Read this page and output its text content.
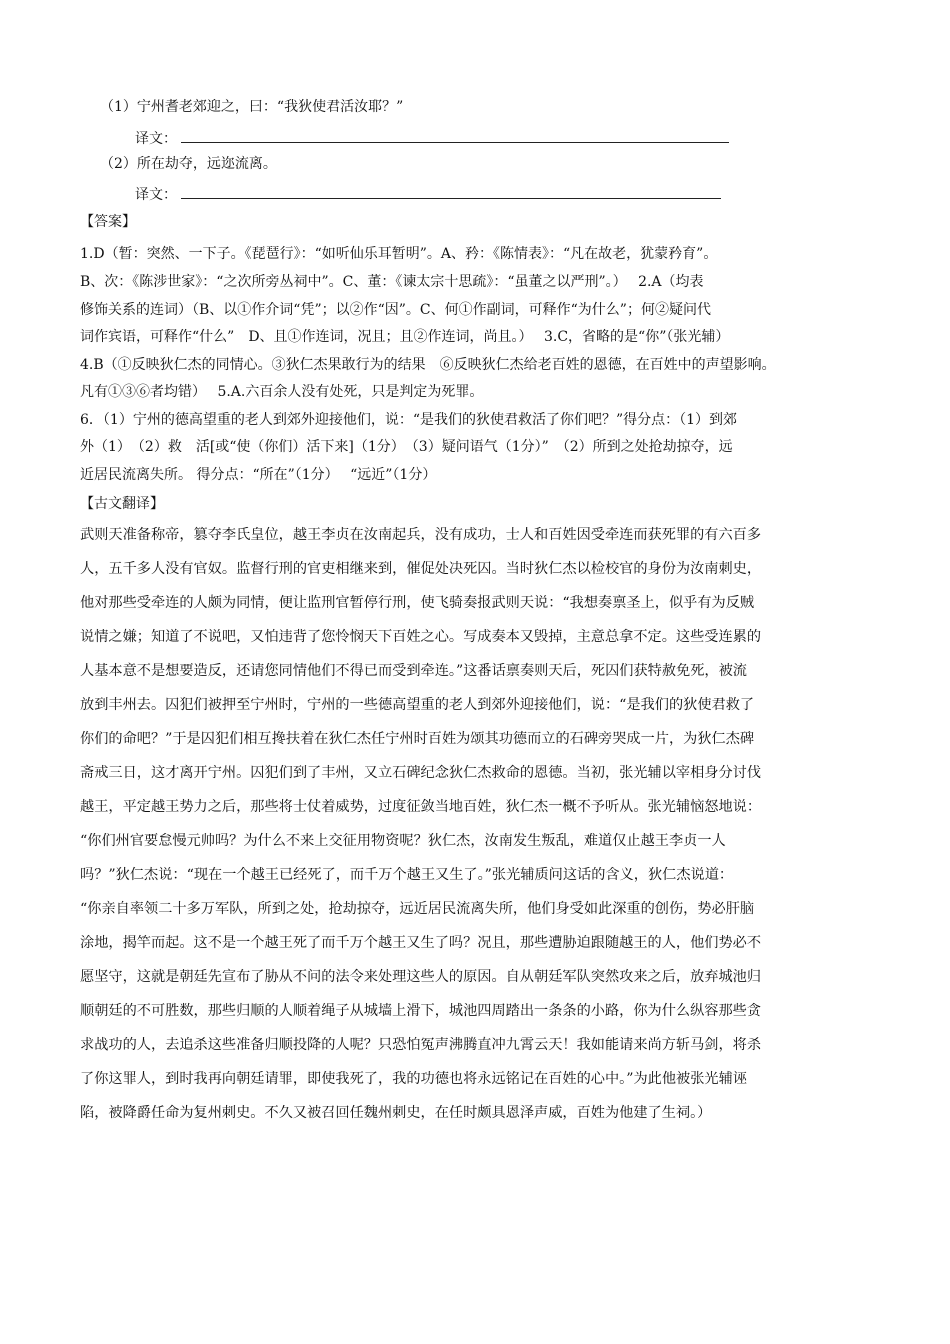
（1）宁州耆老郊迎之，曰：“我狄使君活汝耶？”
译文：
（2）所在劫夺，远迩流离。
译文：
【答案】
1.D（暂：突然、一下子。《琵琶行》：“如听仙乐耳暂明”。A、矜：《陈情表》：“凡在故老，犹蒙矜育”。
B、次：《陈涉世家》：“之次所旁丛祠中”。C、董：《谏太宗十思疏》：“虽董之以严刑”。）　 2.A（均表
修饰关系的连词）（B、以①作介词“凭”；以②作“因”。C、何①作副词，可释作“为什么”；何②疑问代
词作宾语，可释作“什么”　D、且①作连词，况且；且②作连词，尚且。）　 3.C，省略的是“你”（张光辅）
4.B（①反映狄仁杰的同情心。③狄仁杰果敢行为的结果　⑥反映狄仁杰给老百姓的恩德，在百姓中的声望影响。
凡有①③⑥者均错）　 5.A.六百余人没有处死，只是判定为死罪。
6．（1）宁州的德高望重的老人到郊外迎接他们，说：“是我们的狄使君救活了你们吧？”得分点：（1）到郊
外（1）　（2）救　活[或“使（你们）活下来]（1分）　（3）疑问语气（1分）”　（2）所到之处抢劫掠夺，远
近居民流离失所。 得分点：“所在”（1分）　 “远近”（1分）
【古文翻译】
武则天准备称帝，篡夺李氏皇位，越王李贞在汝南起兵，没有成功，士人和百姓因受牵连而获死罪的有六百多
人，五千多人没有官奴。监督行刑的官吏相继来到，催促处决死囚。当时狄仁杰以检校官的身份为汝南刺史，
他对那些受牵连的人颇为同情，便让监刑官暂停行刑，使飞骑奏报武则天说：“我想奏禀圣上，似乎有为反贼
说情之嫌；知道了不说吧，又怕违背了您怜悯天下百姓之心。写成奏本又毁掉，主意总拿不定。这些受连累的
人基本意不是想要造反，还请您同情他们不得已而受到牵连。”这番话禀奏则天后，死囚们获特赦免死，被流
放到丰州去。囚犯们被押至宁州时，宁州的一些德高望重的老人到郊外迎接他们，说：“是我们的狄使君救了
你们的命吧？”于是囚犯们相互搀扶着在狄仁杰任宁州时百姓为颂其功德而立的石碑旁哭成一片，为狄仁杰碑
斋戒三日，这才离开宁州。囚犯们到了丰州，又立石碑纪念狄仁杰救命的恩德。当初，张光辅以宰相身分讨伐
越王，平定越王势力之后，那些将士仗着威势，过度征敛当地百姓，狄仁杰一概不予听从。张光辅恼怒地说：
“你们州官要怠慢元帅吗？为什么不来上交征用物资呢？狄仁杰，汝南发生叛乱，难道仅止越王李贞一人
吗？”狄仁杰说：“现在一个越王已经死了，而千万个越王又生了。”张光辅质问这话的含义，狄仁杰说道：
“你亲自率领二十多万军队，所到之处，抢劫掠夺，远近居民流离失所，他们身受如此深重的创伤，势必肝脑
涂地，揭竿而起。这不是一个越王死了而千万个越王又生了吗？况且，那些遭胁迫跟随越王的人，他们势必不
愿坚守，这就是朝廷先宣布了胁从不问的法令来处理这些人的原因。自从朝廷军队突然攻来之后，放弃城池归
顺朝廷的不可胜数，那些归顺的人顺着绳子从城墙上滑下，城池四周踏出一条条的小路，你为什么纵容那些贪
求战功的人，去追杀这些准备归顺投降的人呢？只恐怕冤声沸腾直冲九霄云天！我如能请来尚方斩马剑，将杀
了你这罪人，到时我再向朝廷请罪，即使我死了，我的功德也将永远铭记在百姓的心中。”为此他被张光辅诬
陷，被降爵任命为复州刺史。不久又被召回任魏州刺史，在任时颇具恩泽声威，百姓为他建了生祠。）
